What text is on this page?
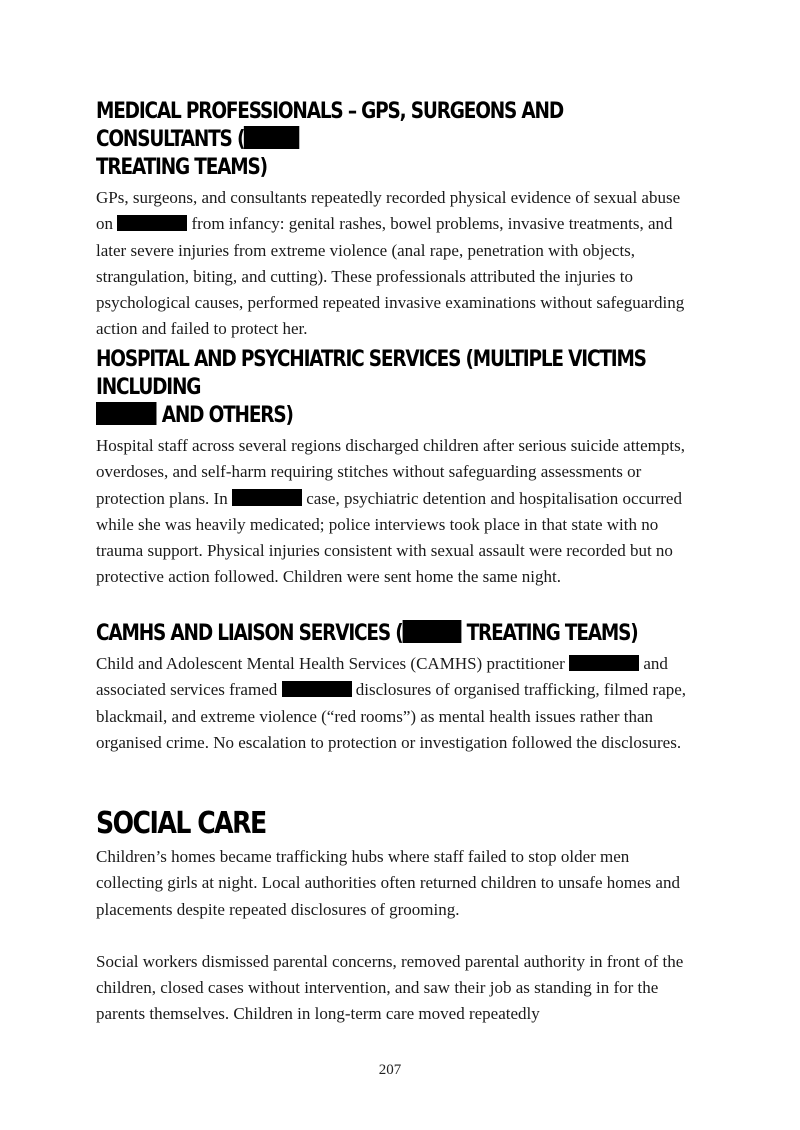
MEDICAL PROFESSIONALS – GPS, SURGEONS AND CONSULTANTS (
TREATING TEAMS)

GPs, surgeons, and consultants repeatedly recorded physical evidence of sexual abuse on	from infancy: genital rashes, bowel problems, invasive treatments, and later severe injuries from extreme violence (anal rape, penetration with objects, strangulation, biting, and cutting). These professionals attributed the injuries to psychological causes, performed repeated invasive examinations without safeguarding action and failed to protect her.

HOSPITAL AND PSYCHIATRIC SERVICES (MULTIPLE VICTIMS INCLUDING
AND OTHERS)

Hospital staff across several regions discharged children after serious suicide attempts, overdoses, and self-harm requiring stitches without safeguarding assessments or protection plans. In	case, psychiatric detention and hospitalisation occurred while she was heavily medicated; police interviews took place in that state with no trauma support. Physical injuries consistent with sexual assault were recorded but no protective action followed. Children were sent home the same night.

CAMHS AND LIAISON SERVICES (	TREATING TEAMS)

Child and Adolescent Mental Health Services (CAMHS) practitioner	and associated services framed	disclosures of organised trafficking, filmed rape, blackmail, and extreme violence (“red rooms”) as mental health issues rather than organised crime. No escalation to protection or investigation followed the disclosures.

SOCIAL CARE

Children’s homes became trafficking hubs where staff failed to stop older men collecting girls at night. Local authorities often returned children to unsafe homes and placements despite repeated disclosures of grooming.

Social workers dismissed parental concerns, removed parental authority in front of the children, closed cases without intervention, and saw their job as standing in for the parents themselves. Children in long-term care moved repeatedly

207
